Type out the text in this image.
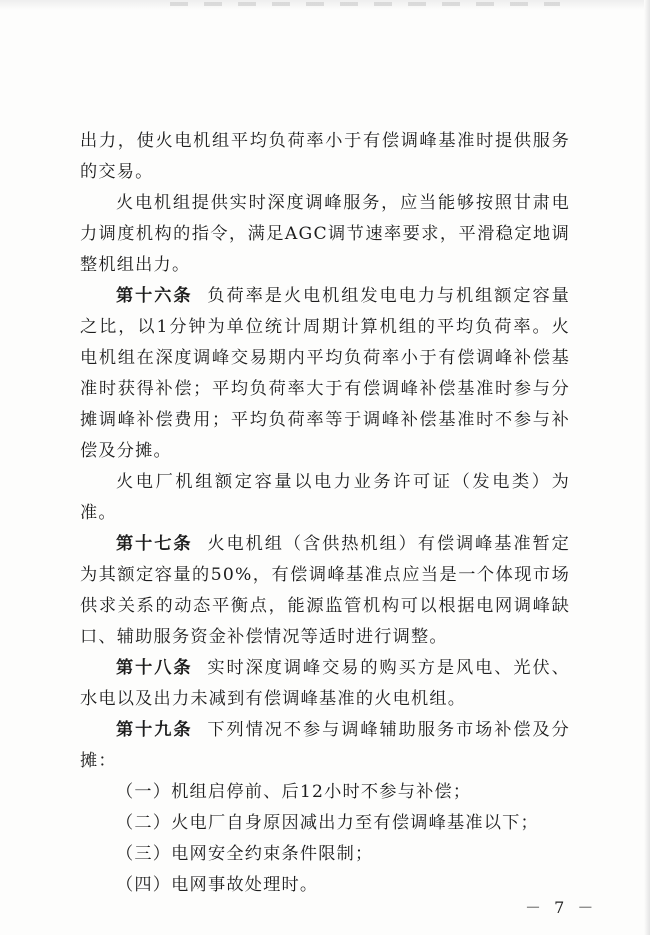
出力，使火电机组平均负荷率小于有偿调峰基准时提供服务的交易。

火电机组提供实时深度调峰服务，应当能够按照甘肃电力调度机构的指令，满足AGC调节速率要求，平滑稳定地调整机组出力。

第十六条 负荷率是火电机组发电电力与机组额定容量之比，以1分钟为单位统计周期计算机组的平均负荷率。火电机组在深度调峰交易期内平均负荷率小于有偿调峰补偿基准时获得补偿；平均负荷率大于有偿调峰补偿基准时参与分摊调峰补偿费用；平均负荷率等于调峰补偿基准时不参与补偿及分摊。

火电厂机组额定容量以电力业务许可证（发电类）为准。

第十七条 火电机组（含供热机组）有偿调峰基准暂定为其额定容量的50%，有偿调峰基准点应当是一个体现市场供求关系的动态平衡点，能源监管机构可以根据电网调峰缺口、辅助服务资金补偿情况等适时进行调整。

第十八条 实时深度调峰交易的购买方是风电、光伏、水电以及出力未减到有偿调峰基准的火电机组。

第十九条 下列情况不参与调峰辅助服务市场补偿及分摊：

（一）机组启停前、后12小时不参与补偿；

（二）火电厂自身原因减出力至有偿调峰基准以下；

（三）电网安全约束条件限制；

（四）电网事故处理时。

－ 7 －
